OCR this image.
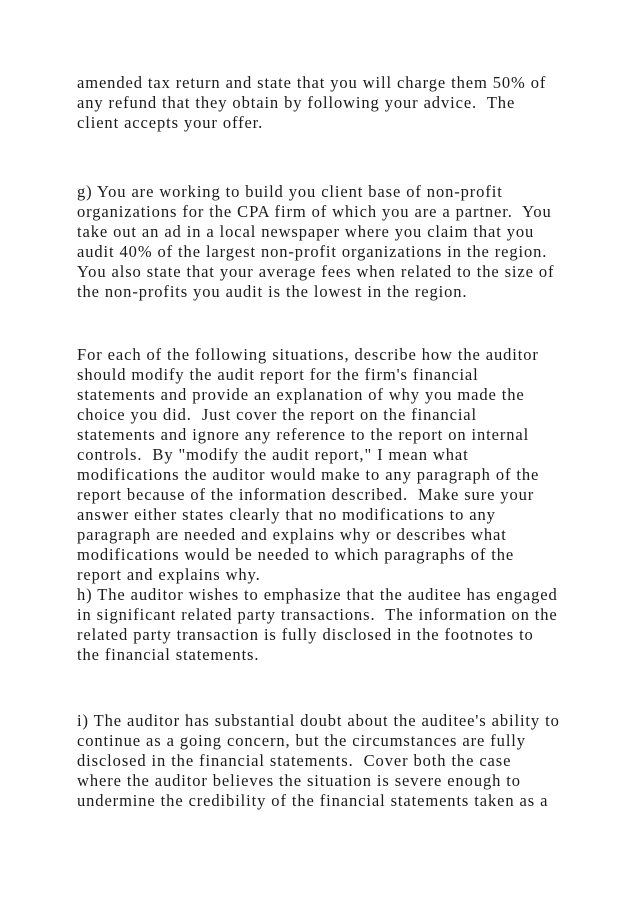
amended tax return and state that you will charge them 50% of
any refund that they obtain by following your advice.  The
client accepts your offer.

g) You are working to build you client base of non-profit
organizations for the CPA firm of which you are a partner.  You
take out an ad in a local newspaper where you claim that you
audit 40% of the largest non-profit organizations in the region.
You also state that your average fees when related to the size of
the non-profits you audit is the lowest in the region.

For each of the following situations, describe how the auditor
should modify the audit report for the firm's financial
statements and provide an explanation of why you made the
choice you did.  Just cover the report on the financial
statements and ignore any reference to the report on internal
controls.  By "modify the audit report," I mean what
modifications the auditor would make to any paragraph of the
report because of the information described.  Make sure your
answer either states clearly that no modifications to any
paragraph are needed and explains why or describes what
modifications would be needed to which paragraphs of the
report and explains why.
h) The auditor wishes to emphasize that the auditee has engaged
in significant related party transactions.  The information on the
related party transaction is fully disclosed in the footnotes to
the financial statements.

i) The auditor has substantial doubt about the auditee's ability to
continue as a going concern, but the circumstances are fully
disclosed in the financial statements.  Cover both the case
where the auditor believes the situation is severe enough to
undermine the credibility of the financial statements taken as a
